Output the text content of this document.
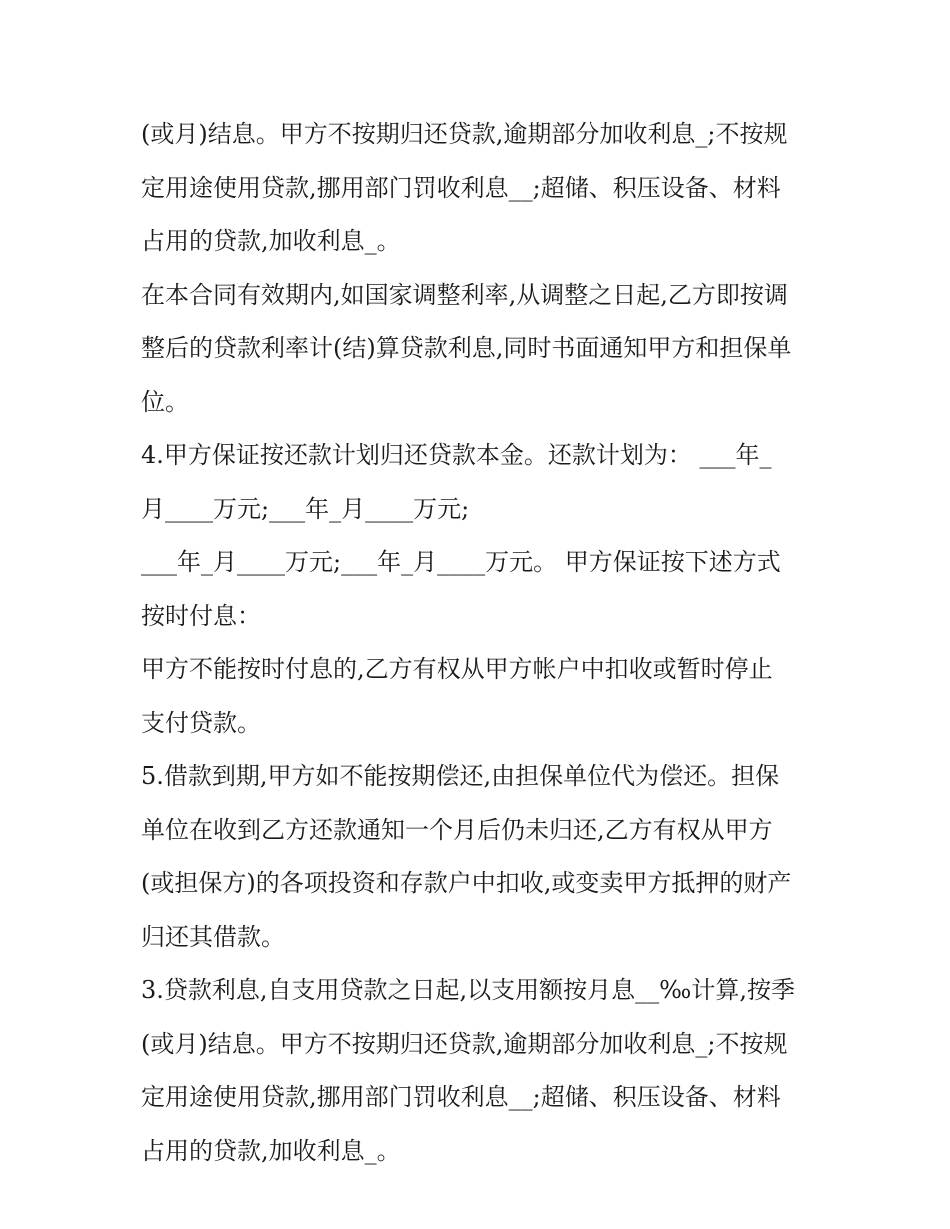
(或月)结息。甲方不按期归还贷款,逾期部分加收利息_;不按规
定用途使用贷款,挪用部门罚收利息__;超储、积压设备、材料
占用的贷款,加收利息_。
在本合同有效期内,如国家调整利率,从调整之日起,乙方即按调
整后的贷款利率计(结)算贷款利息,同时书面通知甲方和担保单
位。
4.甲方保证按还款计划归还贷款本金。还款计划为： ___年_
月____万元;___年_月____万元;
___年_月____万元;___年_月____万元。 甲方保证按下述方式
按时付息：
甲方不能按时付息的,乙方有权从甲方帐户中扣收或暂时停止
支付贷款。
5.借款到期,甲方如不能按期偿还,由担保单位代为偿还。担保
单位在收到乙方还款通知一个月后仍未归还,乙方有权从甲方
(或担保方)的各项投资和存款户中扣收,或变卖甲方抵押的财产
归还其借款。
3.贷款利息,自支用贷款之日起,以支用额按月息__‰计算,按季
(或月)结息。甲方不按期归还贷款,逾期部分加收利息_;不按规
定用途使用贷款,挪用部门罚收利息__;超储、积压设备、材料
占用的贷款,加收利息_。
